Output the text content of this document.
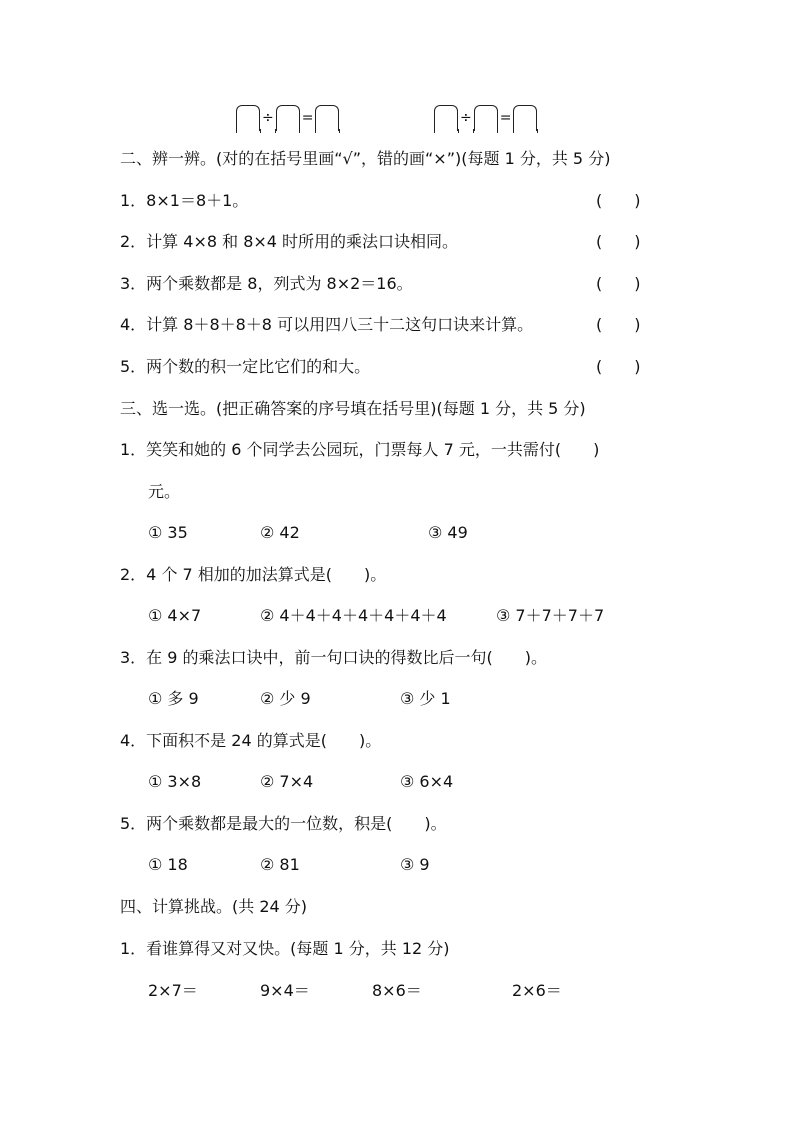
÷ =	÷ =
二、辨一辨。(对的在括号里画“√”，错的画“×”)(每题 1 分，共 5 分)
1．8×1＝8＋1。	(　　)
2．计算 4×8 和 8×4 时所用的乘法口诀相同。	(　　)
3．两个乘数都是 8，列式为 8×2＝16。	(　　)
4．计算 8＋8＋8＋8 可以用四八三十二这句口诀来计算。	(　　)
5．两个数的积一定比它们的和大。	(　　)
三、选一选。(把正确答案的序号填在括号里)(每题 1 分，共 5 分)
1．笑笑和她的 6 个同学去公园玩，门票每人 7 元，一共需付(　　)
元。
① 35	② 42	③ 49
2．4 个 7 相加的加法算式是(　　)。
① 4×7	② 4＋4＋4＋4＋4＋4＋4	③ 7＋7＋7＋7
3．在 9 的乘法口诀中，前一句口诀的得数比后一句(　　)。
① 多 9	② 少 9	③ 少 1
4．下面积不是 24 的算式是(　　)。
① 3×8	② 7×4	③ 6×4
5．两个乘数都是最大的一位数，积是(　　)。
① 18	② 81	③ 9
四、计算挑战。(共 24 分)
1．看谁算得又对又快。(每题 1 分，共 12 分)
2×7＝	9×4＝	8×6＝	2×6＝
